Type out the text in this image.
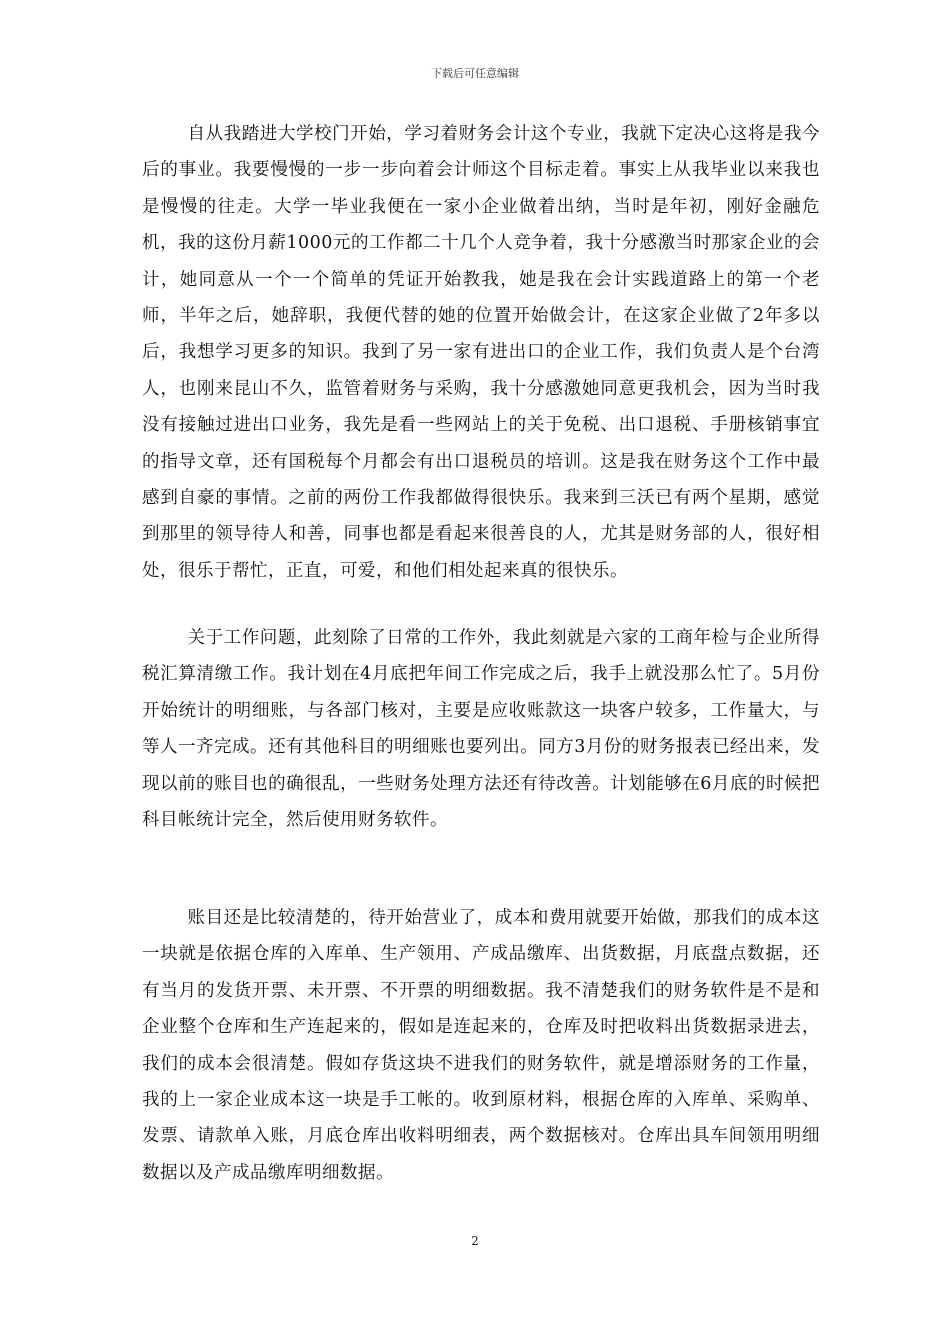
下载后可任意编辑

自从我踏进大学校门开始，学习着财务会计这个专业，我就下定决心这将是我今后的事业。我要慢慢的一步一步向着会计师这个目标走着。事实上从我毕业以来我也是慢慢的往走。大学一毕业我便在一家小企业做着出纳，当时是年初，刚好金融危机，我的这份月薪1000元的工作都二十几个人竞争着，我十分感激当时那家企业的会计，她同意从一个一个简单的凭证开始教我，她是我在会计实践道路上的第一个老师，半年之后，她辞职，我便代替的她的位置开始做会计，在这家企业做了2年多以后，我想学习更多的知识。我到了另一家有进出口的企业工作，我们负责人是个台湾人，也刚来昆山不久，监管着财务与采购，我十分感激她同意更我机会，因为当时我没有接触过进出口业务，我先是看一些网站上的关于免税、出口退税、手册核销事宜的指导文章，还有国税每个月都会有出口退税员的培训。这是我在财务这个工作中最感到自豪的事情。之前的两份工作我都做得很快乐。我来到三沃已有两个星期，感觉到那里的领导待人和善，同事也都是看起来很善良的人，尤其是财务部的人，很好相处，很乐于帮忙，正直，可爱，和他们相处起来真的很快乐。

关于工作问题，此刻除了日常的工作外，我此刻就是六家的工商年检与企业所得税汇算清缴工作。我计划在4月底把年间工作完成之后，我手上就没那么忙了。5月份开始统计的明细账，与各部门核对，主要是应收账款这一块客户较多，工作量大，与等人一齐完成。还有其他科目的明细账也要列出。同方3月份的财务报表已经出来，发现以前的账目也的确很乱，一些财务处理方法还有待改善。计划能够在6月底的时候把科目帐统计完全，然后使用财务软件。

账目还是比较清楚的，待开始营业了，成本和费用就要开始做，那我们的成本这一块就是依据仓库的入库单、生产领用、产成品缴库、出货数据，月底盘点数据，还有当月的发货开票、未开票、不开票的明细数据。我不清楚我们的财务软件是不是和企业整个仓库和生产连起来的，假如是连起来的，仓库及时把收料出货数据录进去，我们的成本会很清楚。假如存货这块不进我们的财务软件，就是增添财务的工作量，我的上一家企业成本这一块是手工帐的。收到原材料，根据仓库的入库单、采购单、发票、请款单入账，月底仓库出收料明细表，两个数据核对。仓库出具车间领用明细数据以及产成品缴库明细数据。

2
